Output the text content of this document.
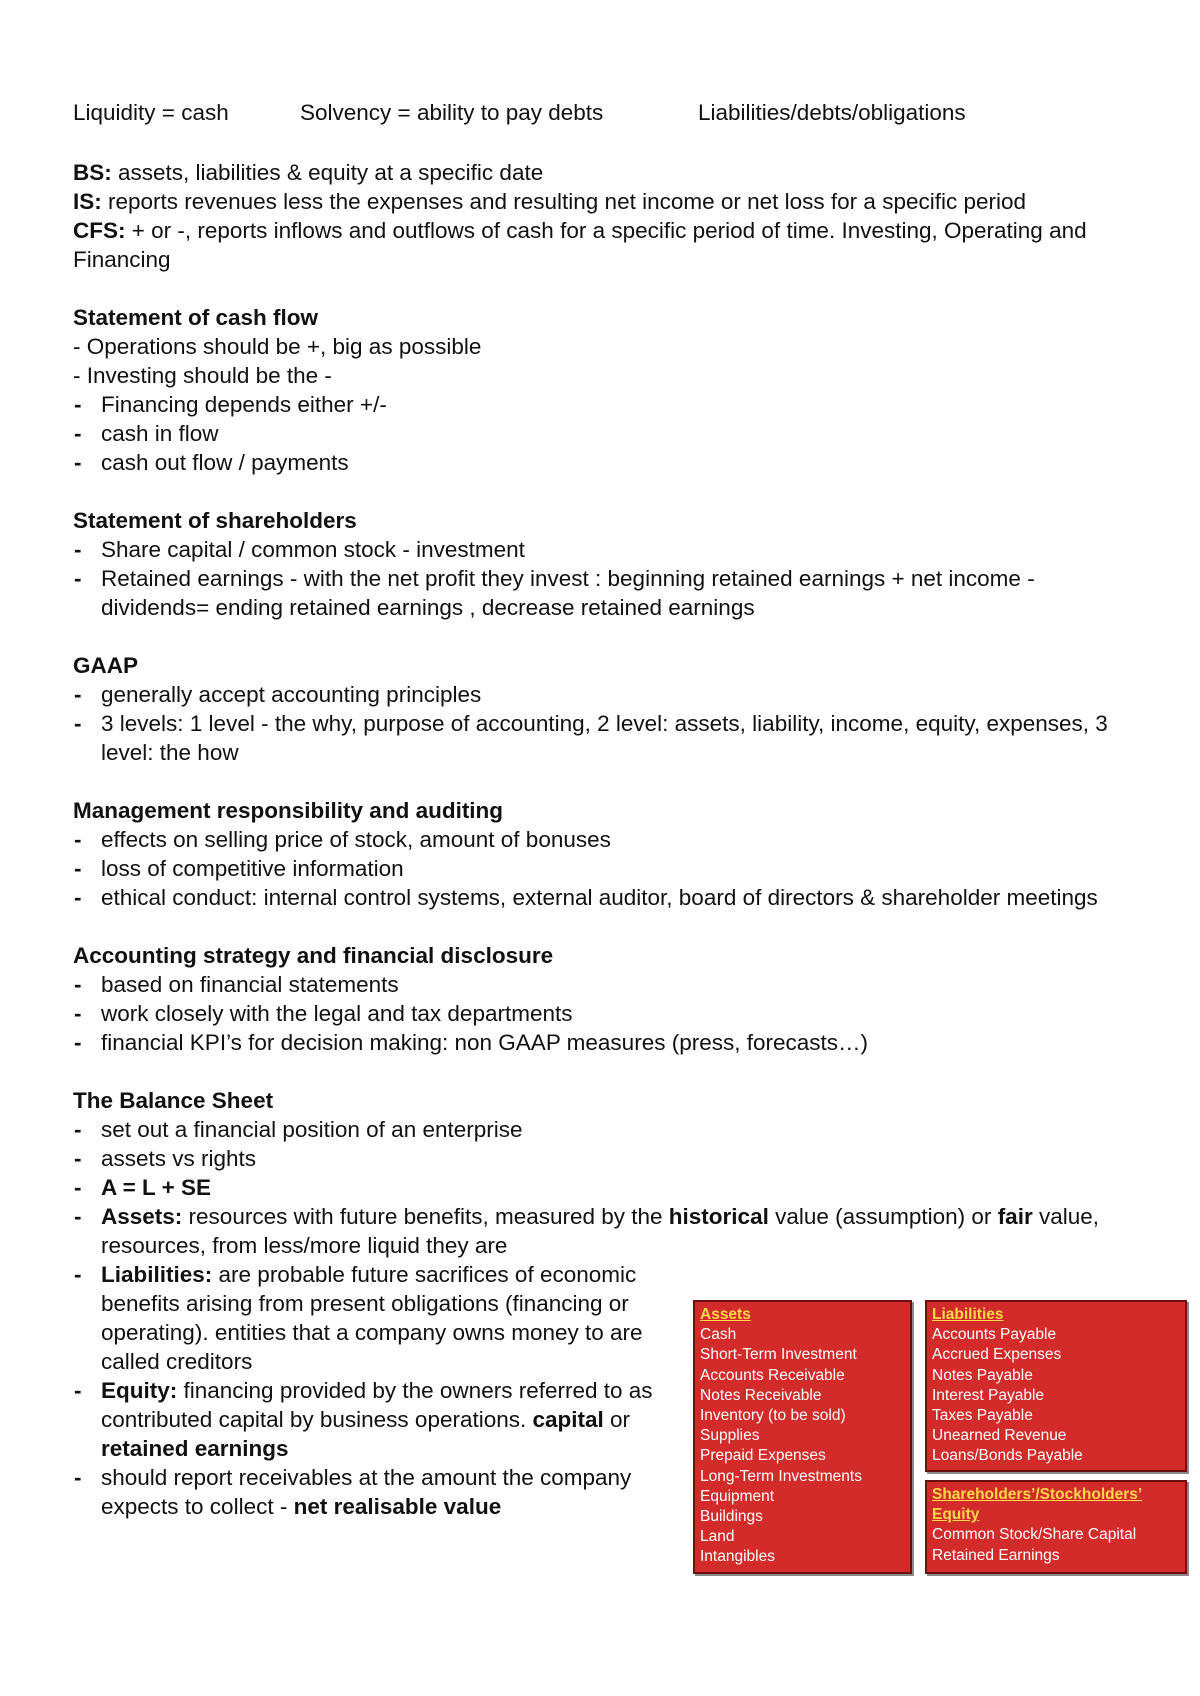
Liquidity = cash	Solvency = ability to pay debts	Liabilities/debts/obligations

BS: assets, liabilities & equity at a specific date

IS: reports revenues less the expenses and resulting net income or net loss for a specific period

CFS: + or -, reports inflows and outflows of cash for a specific period of time. Investing, Operating and Financing

Statement of cash flow

- Operations should be +, big as possible

- Investing should be the -

- Financing depends either +/-
- cash in flow
- cash out flow / payments
Statement of shareholders
- Share capital / common stock - investment
- Retained earnings - with the net profit they invest : beginning retained earnings + net income - dividends= ending retained earnings , decrease retained earnings
GAAP
- generally accept accounting principles
- 3 levels: 1 level - the why, purpose of accounting, 2 level: assets, liability, income, equity, expenses, 3 level: the how
Management responsibility and auditing
- effects on selling price of stock, amount of bonuses
- loss of competitive information
- ethical conduct: internal control systems, external auditor, board of directors & shareholder meetings
Accounting strategy and financial disclosure
- based on financial statements
- work closely with the legal and tax departments
- financial KPI’s for decision making: non GAAP measures (press, forecasts…)
The Balance Sheet
- set out a financial position of an enterprise
- assets vs rights
- A = L + SE
- Assets: resources with future benefits, measured by the historical value (assumption) or fair value, resources, from less/more liquid they are
- Liabilities: are probable future sacrifices of economic benefits arising from present obligations (financing or operating). entities that a company owns money to are called creditors
- Equity: financing provided by the owners referred to as contributed capital by business operations. capital or retained earnings
- should report receivables at the amount the company expects to collect - net realisable value
Assets
Cash
Short-Term Investment
Accounts Receivable
Notes Receivable
Inventory (to be sold)
Supplies
Prepaid Expenses
Long-Term Investments
Equipment
Buildings
Land
Intangibles
Liabilities
Accounts Payable
Accrued Expenses
Notes Payable
Interest Payable
Taxes Payable
Unearned Revenue
Loans/Bonds Payable
Shareholders’/Stockholders’ Equity
Common Stock/Share Capital
Retained Earnings
